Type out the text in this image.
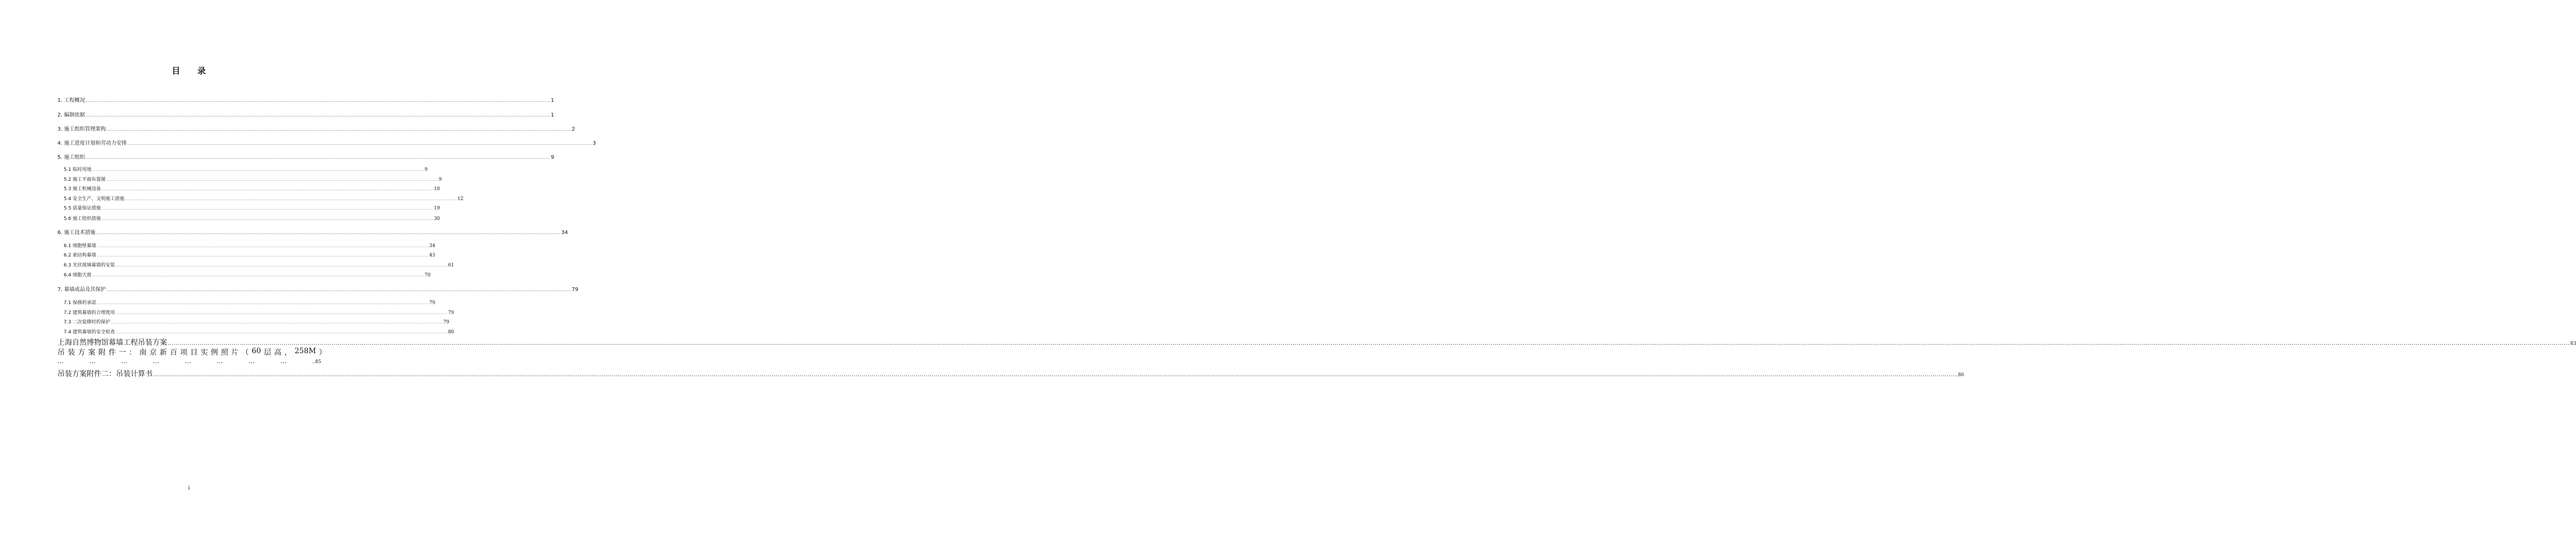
目 录
1. 工程概况 ................................................................................................................................................................................................................................................................................................................................................................................................................ 1
2. 编制依据 ................................................................................................................................................................................................................................................................................................................................................................................................................ 1
3. 施工组织管理架构 ................................................................................................................................................................................................................................................................................................................................................................................................................ 2
4. 施工进度计划和劳动力安排 ................................................................................................................................................................................................................................................................................................................................................................................................................ 3
5. 施工组织 ................................................................................................................................................................................................................................................................................................................................................................................................................ 9
5.1 临时用地 ................................................................................................................................................................................................................................................................................................................................................................................................................ 9
5.2 施工平面布置图 ................................................................................................................................................................................................................................................................................................................................................................................................................ 9
5.3 施工机械设备 ................................................................................................................................................................................................................................................................................................................................................................................................................ 10
5.4 安全生产、文明施工措施 ................................................................................................................................................................................................................................................................................................................................................................................................................ 12
5.5 质量保证措施 ................................................................................................................................................................................................................................................................................................................................................................................................................ 19
5.6 施工组织措施 ................................................................................................................................................................................................................................................................................................................................................................................................................ 30
6. 施工技术措施 ................................................................................................................................................................................................................................................................................................................................................................................................................ 34
6.1 细胞壁幕墙 ................................................................................................................................................................................................................................................................................................................................................................................................................ 34
6.2 索结构幕墙 ................................................................................................................................................................................................................................................................................................................................................................................................................ 43
6.3 光伏玻璃幕墙的安装 ................................................................................................................................................................................................................................................................................................................................................................................................................ 61
6.4 细胞天窗 ................................................................................................................................................................................................................................................................................................................................................................................................................ 70
7. 幕墙成品及其保护 ................................................................................................................................................................................................................................................................................................................................................................................................................ 79
7.1 保修的承诺 ................................................................................................................................................................................................................................................................................................................................................................................................................ 79
7.2 建筑幕墙的合理使用 ................................................................................................................................................................................................................................................................................................................................................................................................................ 79
7.3 二次装修时的保护 ................................................................................................................................................................................................................................................................................................................................................................................................................ 79
7.4 建筑幕墙的安全检查 ................................................................................................................................................................................................................................................................................................................................................................................................................ 80
上海自然博物馆幕墙工程吊装方案 ………………………………………………………………………………………………………………………………………………………………………………………………………………………………………………………………………………………………………………………………………………………………………………………………………………………………………………………………………………………………………………………………………………………………………………………………………………………………………………………………………………………………………………………………………………………………………………………………………………………………………………………………………………………………………………………………………………………………………………………………………………………………………………………………………………………………………… 83
吊 装 方 案 附 件 一 ： 南 京 新 百 项 目 实 例 照 片 （ 60 层 高 ， 258M ）
…	…	…	…	…	…	…	…	..85
吊装方案附件二：吊装计算书 ……………………………………………………………………………………………………………………………………………………………………………………………………………………………………………………………………………………………………………………………………………………………………………………………………………………………………………………………………………………………………………………………………………………………………………………………………………………………………………………………………………………………………………………………………………………………………………………………………………………………… ..86
i
